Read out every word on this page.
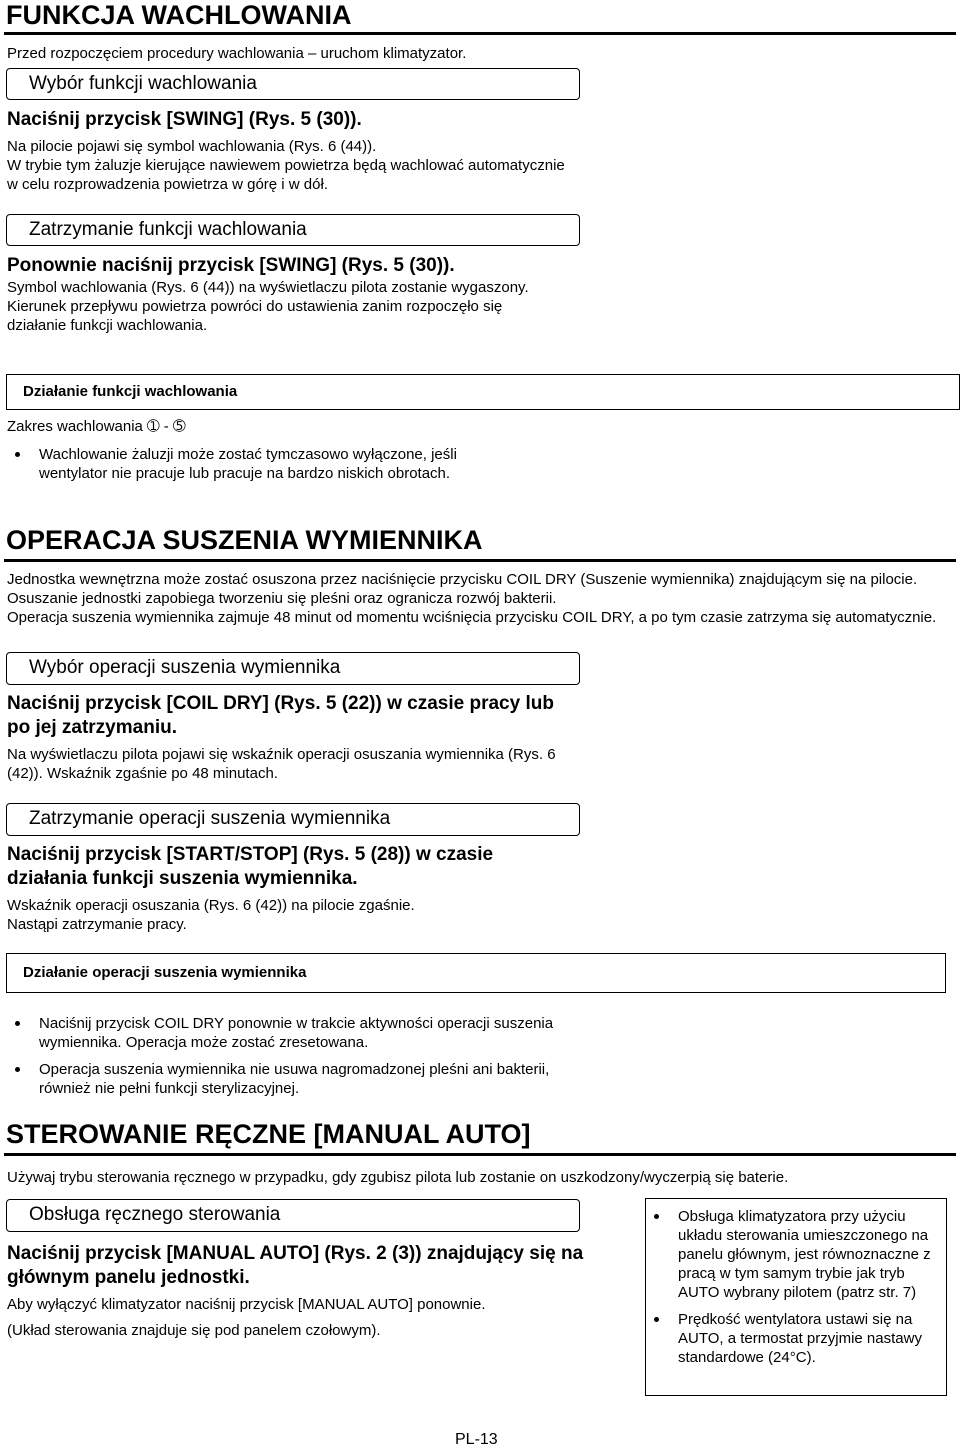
FUNKCJA WACHLOWANIA
Przed rozpoczęciem procedury wachlowania – uruchom klimatyzator.
Wybór funkcji wachlowania
Naciśnij przycisk [SWING] (Rys. 5 (30)).
Na pilocie pojawi się symbol wachlowania (Rys. 6 (44)).
W trybie tym żaluzje kierujące nawiewem powietrza będą wachlować automatycznie w celu rozprowadzenia powietrza w górę i w dół.
Zatrzymanie funkcji wachlowania
Ponownie naciśnij przycisk [SWING] (Rys. 5 (30)).
Symbol wachlowania (Rys. 6 (44)) na wyświetlaczu pilota zostanie wygaszony.
Kierunek przepływu powietrza powróci do ustawienia zanim rozpoczęło się działanie funkcji wachlowania.
Działanie funkcji wachlowania
Zakres wachlowania ➀ - ➄
Wachlowanie żaluzji może zostać tymczasowo wyłączone, jeśli wentylator nie pracuje lub pracuje na bardzo niskich obrotach.
OPERACJA SUSZENIA WYMIENNIKA
Jednostka wewnętrzna może zostać osuszona przez naciśnięcie przycisku COIL DRY (Suszenie wymiennika) znajdującym się na pilocie. Osuszanie jednostki zapobiega tworzeniu się pleśni oraz ogranicza rozwój bakterii.
Operacja suszenia wymiennika zajmuje 48 minut od momentu wciśnięcia przycisku COIL DRY, a po tym czasie zatrzyma się automatycznie.
Wybór operacji suszenia wymiennika
Naciśnij przycisk [COIL DRY] (Rys. 5 (22)) w czasie pracy lub po jej zatrzymaniu.
Na wyświetlaczu pilota pojawi się wskaźnik operacji osuszania wymiennika (Rys. 6 (42)). Wskaźnik zgaśnie po 48 minutach.
Zatrzymanie operacji suszenia wymiennika
Naciśnij przycisk [START/STOP] (Rys. 5 (28)) w czasie działania funkcji suszenia wymiennika.
Wskaźnik operacji osuszania (Rys. 6 (42)) na pilocie zgaśnie.
Nastąpi zatrzymanie pracy.
Działanie operacji suszenia wymiennika
Naciśnij przycisk COIL DRY ponownie w trakcie aktywności operacji suszenia wymiennika. Operacja może zostać zresetowana.
Operacja suszenia wymiennika nie usuwa nagromadzonej pleśni ani bakterii, również nie pełni funkcji sterylizacyjnej.
STEROWANIE RĘCZNE [MANUAL AUTO]
Używaj trybu sterowania ręcznego w przypadku, gdy zgubisz pilota lub zostanie on uszkodzony/wyczerpią się baterie.
Obsługa ręcznego sterowania
Naciśnij przycisk [MANUAL AUTO] (Rys. 2 (3)) znajdujący się na głównym panelu jednostki.
Aby wyłączyć klimatyzator naciśnij przycisk [MANUAL AUTO] ponownie.
(Układ sterowania znajduje się pod panelem czołowym).
Obsługa klimatyzatora przy użyciu układu sterowania umieszczonego na panelu głównym, jest równoznaczne z pracą w tym samym trybie jak tryb AUTO wybrany pilotem (patrz str. 7)
Prędkość wentylatora ustawi się na AUTO, a termostat przyjmie nastawy standardowe (24°C).
PL-13
